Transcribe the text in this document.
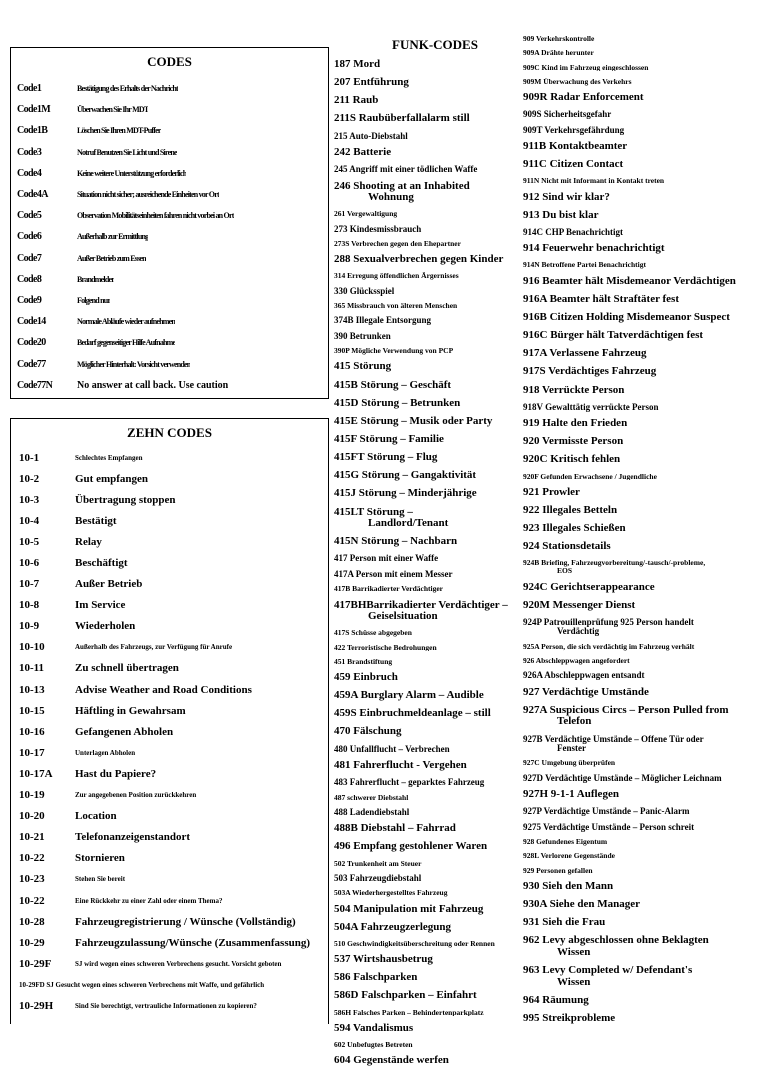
CODES
Code1	Bestätigung des Erhalts der Nachricht
Code1M	Überwachen Sie Ihr MDT
Code1B	Löschen Sie Ihren MDT-Puffer
Code3	Notruf Benutzen Sie Licht und Sirene
Code4	Keine weitere Unterstützung erforderlich
Code4A	Situation nicht sicher; ausreichende Einheiten vor Ort
Code5	Observation Mobilitätseinheiten fahren nicht vorbei an Ort
Code6	Außerhalb zur Ermittlung
Code7	Außer Betrieb zum Essen
Code8	Brandmelder
Code9	Folgend nur
Code14	Normale Abläufe wieder aufnehmen
Code20	Bedarf gegenseitiger Hilfe Aufnahme
Code77	Möglicher Hinterhalt: Vorsicht verwenden
Code77N	No answer at call back. Use caution
ZEHN CODES
10-1	Schlechtes Empfangen
10-2	Gut empfangen
10-3	Übertragung stoppen
10-4	Bestätigt
10-5	Relay
10-6	Beschäftigt
10-7	Außer Betrieb
10-8	Im Service
10-9	Wiederholen
10-10	Außerhalb des Fahrzeugs, zur Verfügung für Anrufe
10-11	Zu schnell übertragen
10-13	Advise Weather and Road Conditions
10-15	Häftling in Gewahrsam
10-16	Gefangenen Abholen
10-17	Unterlagen Abholen
10-17A	Hast du Papiere?
10-19	Zur angegebenen Position zurückkehren
10-20	Location
10-21	Telefonanzeigenstandort
10-22	Stornieren
10-23	Stehen Sie bereit
10-22	Eine Rückkehr zu einer Zahl oder einem Thema?
10-28	Fahrzeugregistrierung / Wünsche (Vollständig)
10-29	Fahrzeugzulassung/Wünsche (Zusammenfassung)
10-29F	SJ wird wegen eines schweren Verbrechens gesucht. Vorsicht geboten
10-29FD SJ Gesucht wegen eines schweren Verbrechens mit Waffe, und gefährlich
10-29H	Sind Sie berechtigt, vertrauliche Informationen zu kopieren?
FUNK-CODES
187 Mord
207 Entführung
211 Raub
211S Raubüberfallalarm still
215 Auto-Diebstahl
242 Batterie
245 Angriff mit einer tödlichen Waffe
246 Shooting at an Inhabited
Wohnung
261 Vergewaltigung
273 Kindesmissbrauch
273S Verbrechen gegen den Ehepartner
288 Sexualverbrechen gegen Kinder
314 Erregung öffendlichen Ärgernisses
330 Glücksspiel
365 Missbrauch von älteren Menschen
374B Illegale Entsorgung
390 Betrunken
390P Mögliche Verwendung von PCP
415 Störung
415B Störung – Geschäft
415D Störung – Betrunken
415E Störung – Musik oder Party
415F Störung – Familie
415FT Störung – Flug
415G Störung – Gangaktivität
415J Störung – Minderjährige
415LT Störung –
Landlord/Tenant
415N Störung – Nachbarn
417 Person mit einer Waffe
417A Person mit einem Messer
417B Barrikadierter Verdächtiger
417BHBarrikadierter Verdächtiger –
Geiselsituation
417S Schüsse abgegeben
422 Terroristische Bedrohungen
451 Brandstiftung
459 Einbruch
459A Burglary Alarm – Audible
459S Einbruchmeldeanlage – still
470 Fälschung
480 Unfallflucht – Verbrechen
481 Fahrerflucht - Vergehen
483 Fahrerflucht – geparktes Fahrzeug
487 schwerer Diebstahl
488 Ladendiebstahl
488B Diebstahl – Fahrrad
496 Empfang gestohlener Waren
502 Trunkenheit am Steuer
503 Fahrzeugdiebstahl
503A Wiederhergestelltes Fahrzeug
504 Manipulation mit Fahrzeug
504A Fahrzeugzerlegung
510 Geschwindigkeitsüberschreitung oder Rennen
537 Wirtshausbetrug
586 Falschparken
586D Falschparken – Einfahrt
586H Falsches Parken – Behindertenparkplatz
594 Vandalismus
602 Unbefugtes Betreten
604 Gegenstände werfen
909 Verkehrskontrolle
909A Drähte herunter
909C Kind im Fahrzeug eingeschlossen
909M Überwachung des Verkehrs
909R Radar Enforcement
909S Sicherheitsgefahr
909T Verkehrsgefährdung
911B Kontaktbeamter
911C Citizen Contact
911N Nicht mit Informant in Kontakt treten
912 Sind wir klar?
913 Du bist klar
914C CHP Benachrichtigt
914 Feuerwehr benachrichtigt
914N Betroffene Partei Benachrichtigt
916 Beamter hält Misdemeanor Verdächtigen
916A Beamter hält Straftäter fest
916B Citizen Holding Misdemeanor Suspect
916C Bürger hält Tatverdächtigen fest
917A Verlassene Fahrzeug
917S Verdächtiges Fahrzeug
918 Verrückte Person
918V Gewalttätig verrückte Person
919 Halte den Frieden
920 Vermisste Person
920C Kritisch fehlen
920F Gefunden Erwachsene / Jugendliche
921 Prowler
922 Illegales Betteln
923 Illegales Schießen
924 Stationsdetails
924B Briefing, Fahrzeugvorbereitung/-tausch/-probleme,
EOS
924C Gerichtserappearance
920M Messenger Dienst
924P Patrouillenprüfung 925 Person handelt
Verdächtig
925A Person, die sich verdächtig im Fahrzeug verhält
926 Abschleppwagen angefordert
926A Abschleppwagen entsandt
927 Verdächtige Umstände
927A Suspicious Circs – Person Pulled from
Telefon
927B Verdächtige Umstände – Offene Tür oder
Fenster
927C Umgebung überprüfen
927D Verdächtige Umstände – Möglicher Leichnam
927H 9-1-1 Auflegen
927P Verdächtige Umstände – Panic-Alarm
9275 Verdächtige Umstände – Person schreit
928 Gefundenes Eigentum
928L Verlorene Gegenstände
929 Personen gefallen
930 Sieh den Mann
930A Siehe den Manager
931 Sieh die Frau
962 Levy abgeschlossen ohne Beklagten
Wissen
963 Levy Completed w/ Defendant's
Wissen
964 Räumung
995 Streikprobleme
